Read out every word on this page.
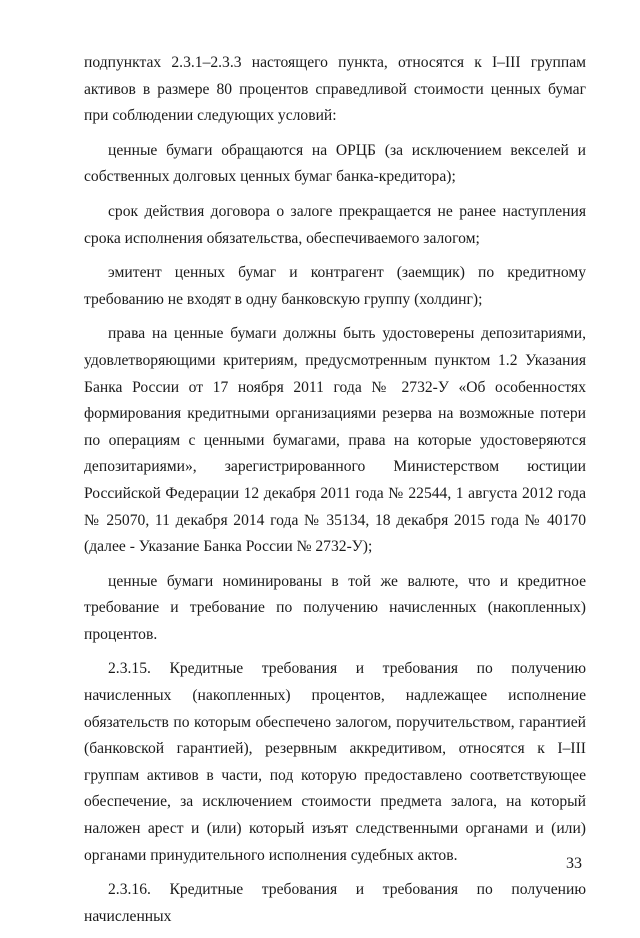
подпунктах 2.3.1–2.3.3 настоящего пункта, относятся к I–III группам активов в размере 80 процентов справедливой стоимости ценных бумаг при соблюдении следующих условий:

ценные бумаги обращаются на ОРЦБ (за исключением векселей и собственных долговых ценных бумаг банка-кредитора);

срок действия договора о залоге прекращается не ранее наступления срока исполнения обязательства, обеспечиваемого залогом;

эмитент ценных бумаг и контрагент (заемщик) по кредитному требованию не входят в одну банковскую группу (холдинг);

права на ценные бумаги должны быть удостоверены депозитариями, удовлетворяющими критериям, предусмотренным пунктом 1.2 Указания Банка России от 17 ноября 2011 года № 2732-У «Об особенностях формирования кредитными организациями резерва на возможные потери по операциям с ценными бумагами, права на которые удостоверяются депозитариями», зарегистрированного Министерством юстиции Российской Федерации 12 декабря 2011 года № 22544, 1 августа 2012 года № 25070, 11 декабря 2014 года № 35134, 18 декабря 2015 года № 40170 (далее - Указание Банка России № 2732-У);

ценные бумаги номинированы в той же валюте, что и кредитное требование и требование по получению начисленных (накопленных) процентов.

2.3.15. Кредитные требования и требования по получению начисленных (накопленных) процентов, надлежащее исполнение обязательств по которым обеспечено залогом, поручительством, гарантией (банковской гарантией), резервным аккредитивом, относятся к I–III группам активов в части, под которую предоставлено соответствующее обеспечение, за исключением стоимости предмета залога, на который наложен арест и (или) который изъят следственными органами и (или) органами принудительного исполнения судебных актов.

2.3.16. Кредитные требования и требования по получению начисленных

33
